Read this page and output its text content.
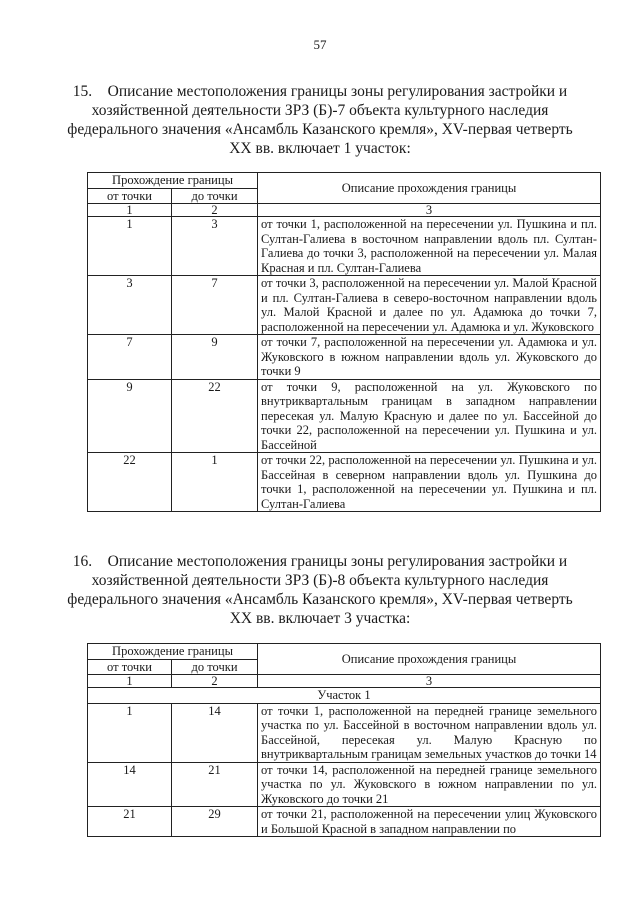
57
15.    Описание местоположения границы зоны регулирования застройки и хозяйственной деятельности ЗРЗ (Б)-7 объекта культурного наследия федерального значения «Ансамбль Казанского кремля», XV-первая четверть XX вв. включает 1 участок:
Прохождение границы		Описание прохождения границы
от точки	до точки	
1	2	3
1	3	от точки 1, расположенной на пересечении ул. Пушкина и пл. Султан-Галиева в восточном направлении вдоль пл. Султан-Галиева до точки 3, расположенной на пересечении ул. Малая Красная и пл. Султан-Галиева
3	7	от точки 3, расположенной на пересечении ул. Малой Красной и пл. Султан-Галиева в северо-восточном направлении вдоль ул. Малой Красной и далее по ул. Адамюка до точки 7, расположенной на пересечении ул. Адамюка и ул. Жуковского
7	9	от точки 7, расположенной на пересечении ул. Адамюка и ул. Жуковского в южном направлении вдоль ул. Жуковского до точки 9
9	22	от точки 9, расположенной на ул. Жуковского по внутриквартальным границам в западном направлении пересекая ул. Малую Красную и далее по ул. Бассейной до точки 22, расположенной на пересечении ул. Пушкина и ул. Бассейной
22	1	от точки 22, расположенной на пересечении ул. Пушкина и ул. Бассейная в северном направлении вдоль ул. Пушкина до точки 1, расположенной на пересечении ул. Пушкина и пл. Султан-Галиева
16.    Описание местоположения границы зоны регулирования застройки и хозяйственной деятельности ЗРЗ (Б)-8 объекта культурного наследия федерального значения «Ансамбль Казанского кремля», XV-первая четверть XX вв. включает 3 участка:
Прохождение границы		Описание прохождения границы
от точки	до точки	
1	2	3
Участок 1		
1	14	от точки 1, расположенной на передней границе земельного участка по ул. Бассейной в восточном направлении вдоль ул. Бассейной, пересекая ул. Малую Красную по внутриквартальным границам земельных участков до точки 14
14	21	от точки 14, расположенной на передней границе земельного участка по ул. Жуковского в южном направлении по ул. Жуковского до точки 21
21	29	от точки 21, расположенной на пересечении улиц Жуковского и Большой Красной в западном направлении по
